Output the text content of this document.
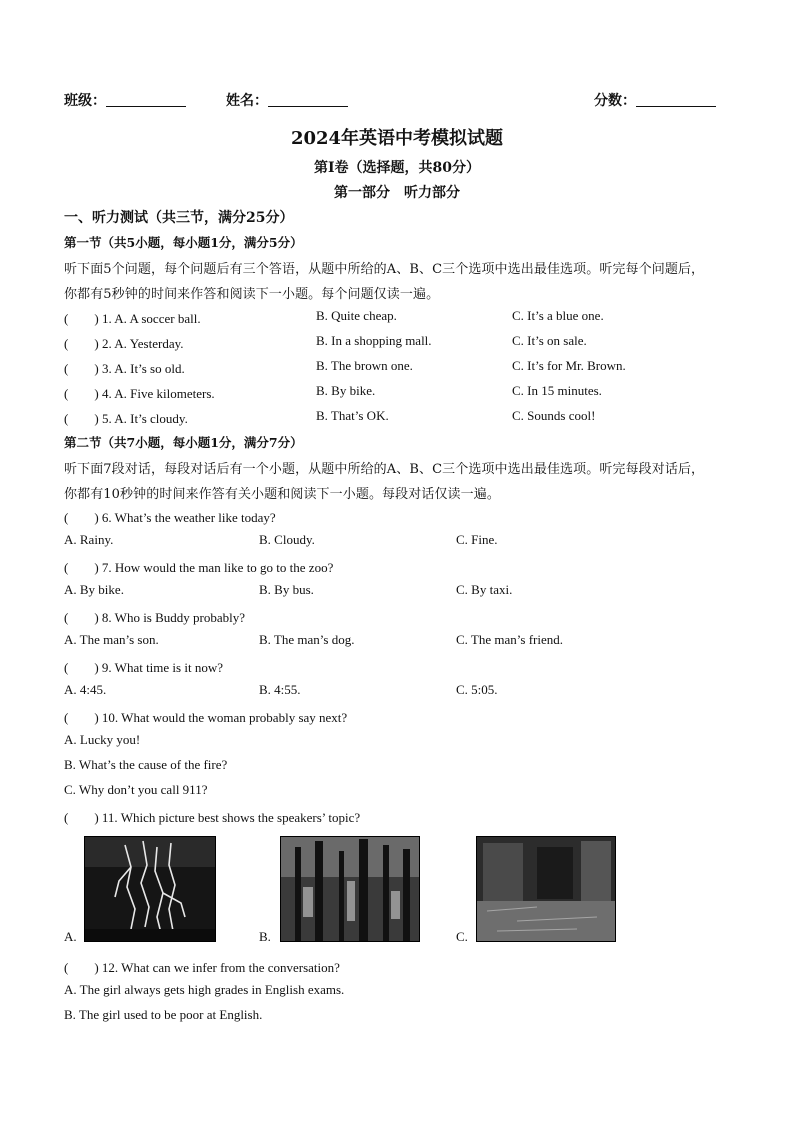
班级：	姓名：	分数：
2024年英语中考模拟试题
第Ⅰ卷（选择题，共80分）
第一部分　听力部分
一、听力测试（共三节，满分25分）
第一节（共5小题，每小题1分，满分5分）
听下面5个问题，每个问题后有三个答语，从题中所给的A、B、C三个选项中选出最佳选项。听完每个问题后，
你都有5秒钟的时间来作答和阅读下一小题。每个问题仅读一遍。
(　　) 1. A. A soccer ball.	B. Quite cheap.	C. It’s a blue one.
(　　) 2. A. Yesterday.	B. In a shopping mall.	C. It’s on sale.
(　　) 3. A. It’s so old.	B. The brown one.	C. It’s for Mr. Brown.
(　　) 4. A. Five kilometers.	B. By bike.	C. In 15 minutes.
(　　) 5. A. It’s cloudy.	B. That’s OK.	C. Sounds cool!
第二节（共7小题，每小题1分，满分7分）
听下面7段对话，每段对话后有一个小题，从题中所给的A、B、C三个选项中选出最佳选项。听完每段对话后，
你都有10秒钟的时间来作答有关小题和阅读下一小题。每段对话仅读一遍。
(　　) 6. What’s the weather like today?
A. Rainy.	B. Cloudy.	C. Fine.
(　　) 7. How would the man like to go to the zoo?
A. By bike.	B. By bus.	C. By taxi.
(　　) 8. Who is Buddy probably?
A. The man’s son.	B. The man’s dog.	C. The man’s friend.
(　　) 9. What time is it now?
A. 4:45.	B. 4:55.	C. 5:05.
(　　) 10. What would the woman probably say next?
A. Lucky you!
B. What’s the cause of the fire?
C. Why don’t you call 911?
(　　) 11. Which picture best shows the speakers’ topic?
A.	B.	C.
(　　) 12. What can we infer from the conversation?
A. The girl always gets high grades in English exams.
B. The girl used to be poor at English.
